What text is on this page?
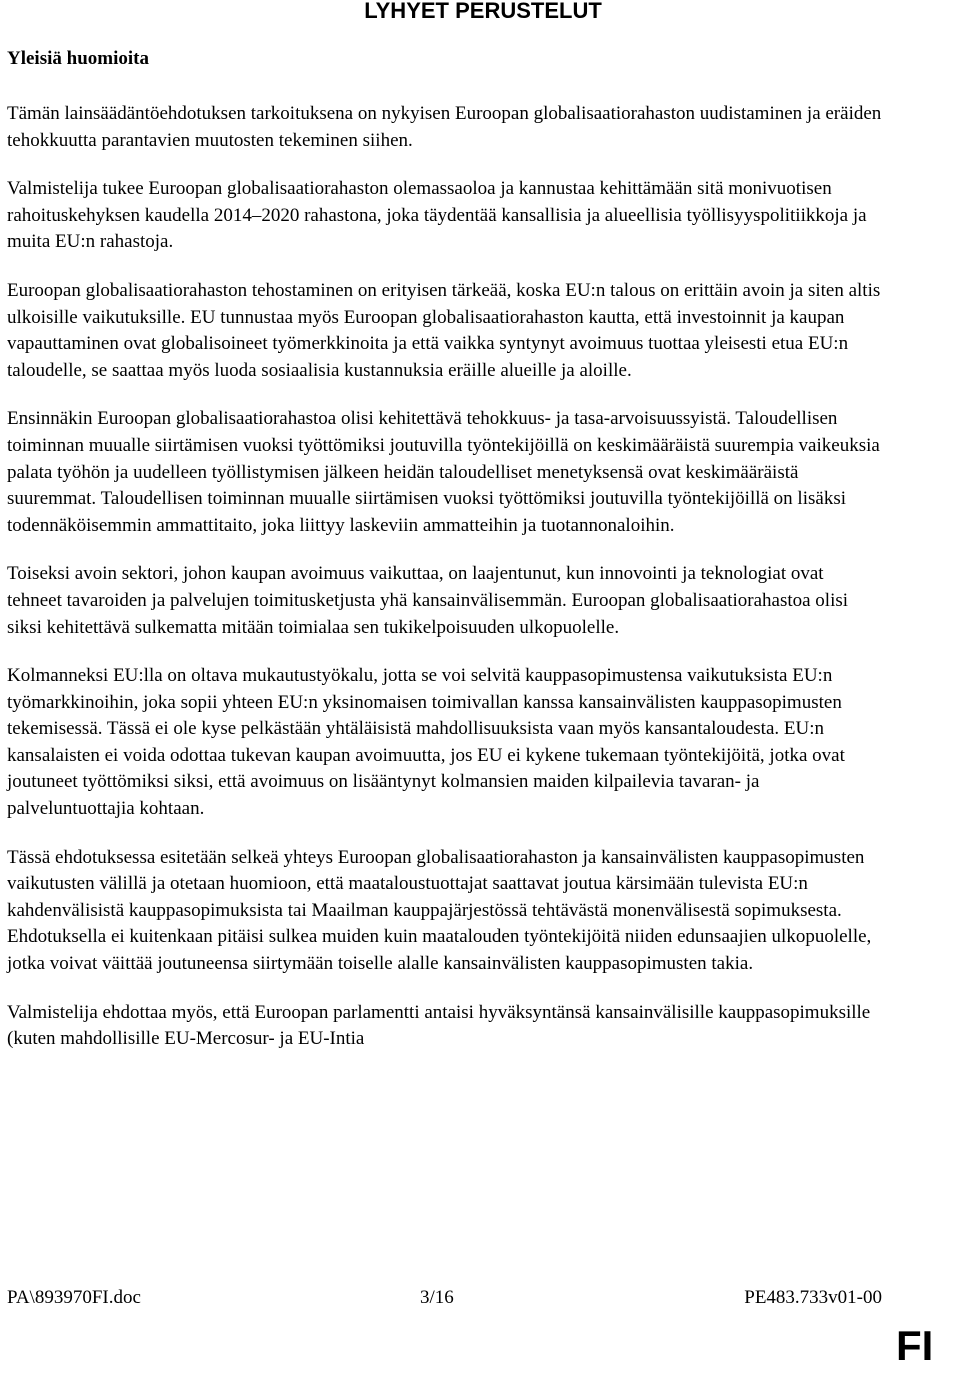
LYHYET PERUSTELUT
Yleisiä huomioita

Tämän lainsäädäntöehdotuksen tarkoituksena on nykyisen Euroopan globalisaatiorahaston uudistaminen ja eräiden tehokkuutta parantavien muutosten tekeminen siihen.

Valmistelija tukee Euroopan globalisaatiorahaston olemassaoloa ja kannustaa kehittämään sitä monivuotisen rahoituskehyksen kaudella 2014–2020 rahastona, joka täydentää kansallisia ja alueellisia työllisyyspolitiikkoja ja muita EU:n rahastoja.

Euroopan globalisaatiorahaston tehostaminen on erityisen tärkeää, koska EU:n talous on erittäin avoin ja siten altis ulkoisille vaikutuksille. EU tunnustaa myös Euroopan globalisaatiorahaston kautta, että investoinnit ja kaupan vapauttaminen ovat globalisoineet työmerkkinoita ja että vaikka syntynyt avoimuus tuottaa yleisesti etua EU:n taloudelle, se saattaa myös luoda sosiaalisia kustannuksia eräille alueille ja aloille.

Ensinnäkin Euroopan globalisaatiorahastoa olisi kehitettävä tehokkuus- ja tasa-arvoisuussyistä. Taloudellisen toiminnan muualle siirtämisen vuoksi työttömiksi joutuvilla työntekijöillä on keskimääräistä suurempia vaikeuksia palata työhön ja uudelleen työllistymisen jälkeen heidän taloudelliset menetyksensä ovat keskimääräistä suuremmat. Taloudellisen toiminnan muualle siirtämisen vuoksi työttömiksi joutuvilla työntekijöillä on lisäksi todennäköisemmin ammattitaito, joka liittyy laskeviin ammatteihin ja tuotannonaloihin.

Toiseksi avoin sektori, johon kaupan avoimuus vaikuttaa, on laajentunut, kun innovointi ja teknologiat ovat tehneet tavaroiden ja palvelujen toimitusketjusta yhä kansainvälisemmän. Euroopan globalisaatiorahastoa olisi siksi kehitettävä sulkematta mitään toimialaa sen tukikelpoisuuden ulkopuolelle.

Kolmanneksi EU:lla on oltava mukautustyökalu, jotta se voi selvitä kauppasopimustensa vaikutuksista EU:n työmarkkinoihin, joka sopii yhteen EU:n yksinomaisen toimivallan kanssa kansainvälisten kauppasopimusten tekemisessä. Tässä ei ole kyse pelkästään yhtäläisistä mahdollisuuksista vaan myös kansantaloudesta. EU:n kansalaisten ei voida odottaa tukevan kaupan avoimuutta, jos EU ei kykene tukemaan työntekijöitä, jotka ovat joutuneet työttömiksi siksi, että avoimuus on lisääntynyt kolmansien maiden kilpailevia tavaran- ja palveluntuottajia kohtaan.

Tässä ehdotuksessa esitetään selkeä yhteys Euroopan globalisaatiorahaston ja kansainvälisten kauppasopimusten vaikutusten välillä ja otetaan huomioon, että maataloustuottajat saattavat joutua kärsimään tulevista EU:n kahdenvälisistä kauppasopimuksista tai Maailman kauppajärjestössä tehtävästä monenvälisestä sopimuksesta. Ehdotuksella ei kuitenkaan pitäisi sulkea muiden kuin maatalouden työntekijöitä niiden edunsaajien ulkopuolelle, jotka voivat väittää joutuneensa siirtymään toiselle alalle kansainvälisten kauppasopimusten takia.

Valmistelija ehdottaa myös, että Euroopan parlamentti antaisi hyväksyntänsä kansainvälisille kauppasopimuksille (kuten mahdollisille EU-Mercosur- ja EU-Intia

PA\893970FI.doc	3/16	PE483.733v01-00
FI
